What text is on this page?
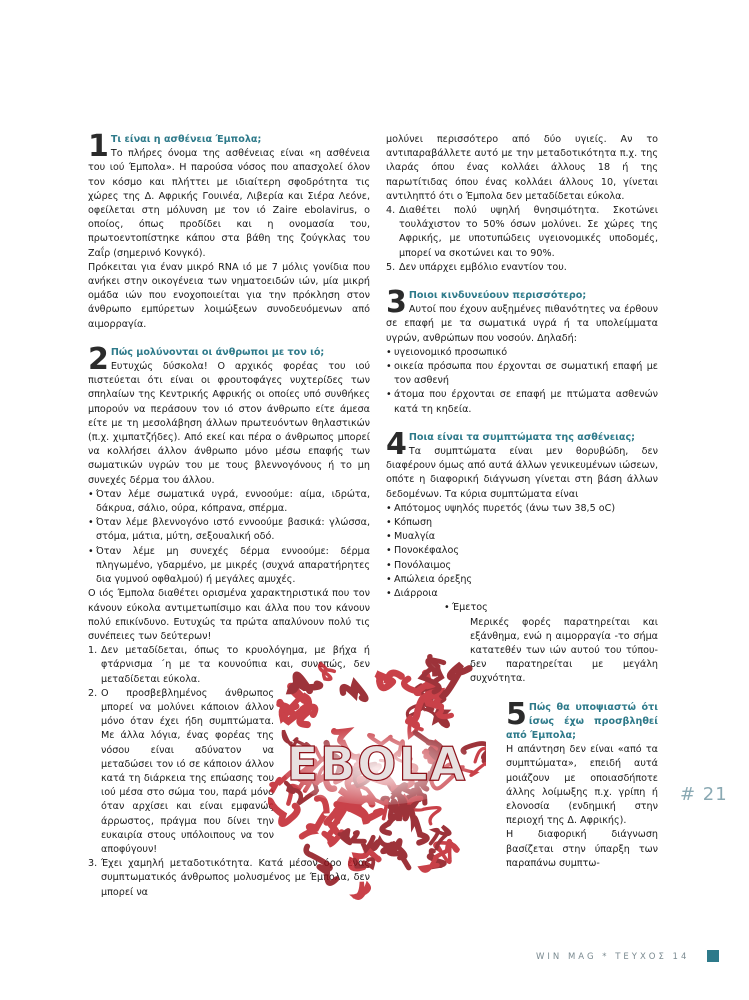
1 Τι είναι η ασθένεια Έμπολα;

Το πλήρες όνομα της ασθένειας είναι «η ασθένεια του ιού Έμπολα». Η παρούσα νόσος που απασχολεί όλον τον κόσμο και πλήττει με ιδιαίτερη σφοδρότητα τις χώρες της Δ. Αφρικής Γουινέα, Λιβερία και Σιέρα Λεόνε, οφείλεται στη μόλυνση με τον ιό Zaire ebolavirus, ο οποίος, όπως προδίδει και η ονομασία του, πρωτοεντοπίστηκε κάπου στα βάθη της ζούγκλας του Ζαΐρ (σημερινό Κονγκό).

Πρόκειται για έναν μικρό RNA ιό με 7 μόλις γονίδια που ανήκει στην οικογένεια των νηματοειδών ιών, μία μικρή ομάδα ιών που ενοχοποιείται για την πρόκληση στον άνθρωπο εμπύρετων λοιμώξεων συνοδευόμενων από αιμορραγία.

2 Πώς μολύνονται οι άνθρωποι με τον ιό;

Ευτυχώς δύσκολα! Ο αρχικός φορέας του ιού πιστεύεται ότι είναι οι φρουτοφάγες νυχτερίδες των σπηλαίων της Κεντρικής Αφρικής οι οποίες υπό συνθήκες μπορούν να περάσουν τον ιό στον άνθρωπο είτε άμεσα είτε με τη μεσολάβηση άλλων πρωτευόντων θηλαστικών (π.χ. χιμπατζήδες). Από εκεί και πέρα ο άνθρωπος μπορεί να κολλήσει άλλον άνθρωπο μόνο μέσω επαφής των σωματικών υγρών του με τους βλεννογόνους ή το μη συνεχές δέρμα του άλλου.

• Όταν λέμε σωματικά υγρά, εννοούμε: αίμα, ιδρώτα, δάκρυα, σάλιο, ούρα, κόπρανα, σπέρμα.
• Όταν λέμε βλεννογόνο ιστό εννοούμε βασικά: γλώσσα, στόμα, μάτια, μύτη, σεξουαλική οδό.
• Όταν λέμε μη συνεχές δέρμα εννοούμε: δέρμα πληγωμένο, γδαρμένο, με μικρές (συχνά απαρατήρητες δια γυμνού οφθαλμού) ή μεγάλες αμυχές.

Ο ιός Έμπολα διαθέτει ορισμένα χαρακτηριστικά που τον κάνουν εύκολα αντιμετωπίσιμο και άλλα που τον κάνουν πολύ επικίνδυνο. Ευτυχώς τα πρώτα απαλύνουν πολύ τις συνέπειες των δεύτερων!

1. Δεν μεταδίδεται, όπως το κρυολόγημα, με βήχα ή φτάρνισμα ´η με τα κουνούπια και, συνεπώς, δεν μεταδίδεται εύκολα.
2. Ο προσβεβλημένος άνθρωπος μπορεί να μολύνει κάποιον άλλον μόνο όταν έχει ήδη συμπτώματα. Με άλλα λόγια, ένας φορέας της νόσου είναι αδύνατον να μεταδώσει τον ιό σε κάποιον άλλον κατά τη διάρκεια της επώασης του ιού μέσα στο σώμα του, παρά μόνο όταν αρχίσει και είναι εμφανώς άρρωστος, πράγμα που δίνει την ευκαιρία στους υπόλοιπους να τον αποφύγουν!
3. Έχει χαμηλή μεταδοτικότητα. Κατά μέσον όρο ένας συμπτωματικός άνθρωπος μολυσμένος με Έμπολα, δεν μπορεί να

μολύνει περισσότερο από δύο υγιείς. Αν το αντιπαραβάλλετε αυτό με την μεταδοτικότητα π.χ. της ιλαράς όπου ένας κολλάει άλλους 18 ή της παρωτίτιδας όπου ένας κολλάει άλλους 10, γίνεται αντιληπτό ότι ο Έμπολα δεν μεταδίδεται εύκολα.

4. Διαθέτει πολύ υψηλή θνησιμότητα. Σκοτώνει τουλάχιστον το 50% όσων μολύνει. Σε χώρες της Αφρικής, με υποτυπώδεις υγειονομικές υποδομές, μπορεί να σκοτώνει και το 90%.
5. Δεν υπάρχει εμβόλιο εναντίον του.
3 Ποιοι κινδυνεύουν περισσότερο;

Αυτοί που έχουν αυξημένες πιθανότητες να έρθουν σε επαφή με τα σωματικά υγρά ή τα υπολείμματα υγρών, ανθρώπων που νοσούν. Δηλαδή:

• υγειονομικό προσωπικό
• οικεία πρόσωπα που έρχονται σε σωματική επαφή με τον ασθενή
• άτομα που έρχονται σε επαφή με πτώματα ασθενών κατά τη κηδεία.
4 Ποια είναι τα συμπτώματα της ασθένειας;

Τα συμπτώματα είναι μεν θορυβώδη, δεν διαφέρουν όμως από αυτά άλλων γενικευμένων ιώσεων, οπότε η διαφορική διάγνωση γίνεται στη βάση άλλων δεδομένων. Τα κύρια συμπτώματα είναι

• Απότομος υψηλός πυρετός (άνω των 38,5 oC)
• Κόπωση
• Μυαλγία
• Πονοκέφαλος
• Πονόλαιμος
• Απώλεια όρεξης
• Διάρροια
• Έμετος

Μερικές φορές παρατηρείται και εξάνθημα, ενώ η αιμορραγία -το σήμα κατατεθέν των ιών αυτού του τύπου- δεν παρατηρείται με μεγάλη συχνότητα.

5 Πώς θα υποψιαστώ ότι ίσως έχω προσβληθεί από Έμπολα;

Η απάντηση δεν είναι «από τα συμπτώματα», επειδή αυτά μοιάζουν με οποιασδήποτε άλλης λοίμωξης π.χ. γρίπη ή ελονοσία (ενδημική στην περιοχή της Δ. Αφρικής).

Η διαφορική διάγνωση βασίζεται στην ύπαρξη των παραπάνω συμπτω-

EBOLA
# 21
WIN MAG * ΤΕΥΧΟΣ 14
